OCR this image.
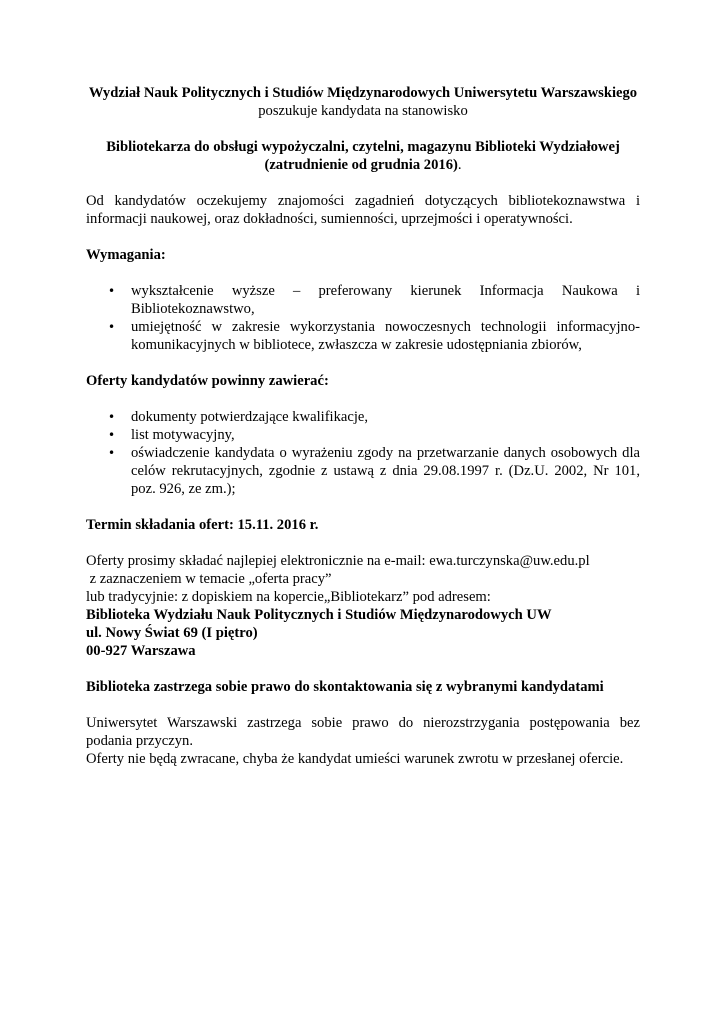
Wydział Nauk Politycznych i Studiów Międzynarodowych Uniwersytetu Warszawskiego

poszukuje kandydata na stanowisko

Bibliotekarza do obsługi wypożyczalni, czytelni, magazynu Biblioteki Wydziałowej

(zatrudnienie od grudnia 2016).

Od kandydatów oczekujemy znajomości zagadnień dotyczących bibliotekoznawstwa i

informacji naukowej, oraz dokładności, sumienności, uprzejmości i operatywności.

Wymagania:

• wykształcenie wyższe – preferowany kierunek Informacja Naukowa i

Bibliotekoznawstwo,

• umiejętność w zakresie wykorzystania nowoczesnych technologii informacyjno-

komunikacyjnych w bibliotece, zwłaszcza w zakresie udostępniania zbiorów,

Oferty kandydatów powinny zawierać:

• dokumenty potwierdzające kwalifikacje,

• list motywacyjny,

• oświadczenie kandydata o wyrażeniu zgody na przetwarzanie danych osobowych dla

celów rekrutacyjnych, zgodnie z ustawą z dnia 29.08.1997 r. (Dz.U. 2002, Nr 101,

poz. 926, ze zm.);

Termin składania ofert: 15.11. 2016 r.

Oferty prosimy składać najlepiej elektronicznie na e-mail: ewa.turczynska@uw.edu.pl

z zaznaczeniem w temacie „oferta pracy”

lub tradycyjnie: z dopiskiem na kopercie„Bibliotekarz” pod adresem:

Biblioteka Wydziału Nauk Politycznych i Studiów Międzynarodowych UW

ul. Nowy Świat 69 (I piętro)

00-927 Warszawa

Biblioteka zastrzega sobie prawo do skontaktowania się z wybranymi kandydatami

Uniwersytet Warszawski zastrzega sobie prawo do nierozstrzygania postępowania bez

podania przyczyn.

Oferty nie będą zwracane, chyba że kandydat umieści warunek zwrotu w przesłanej ofercie.
